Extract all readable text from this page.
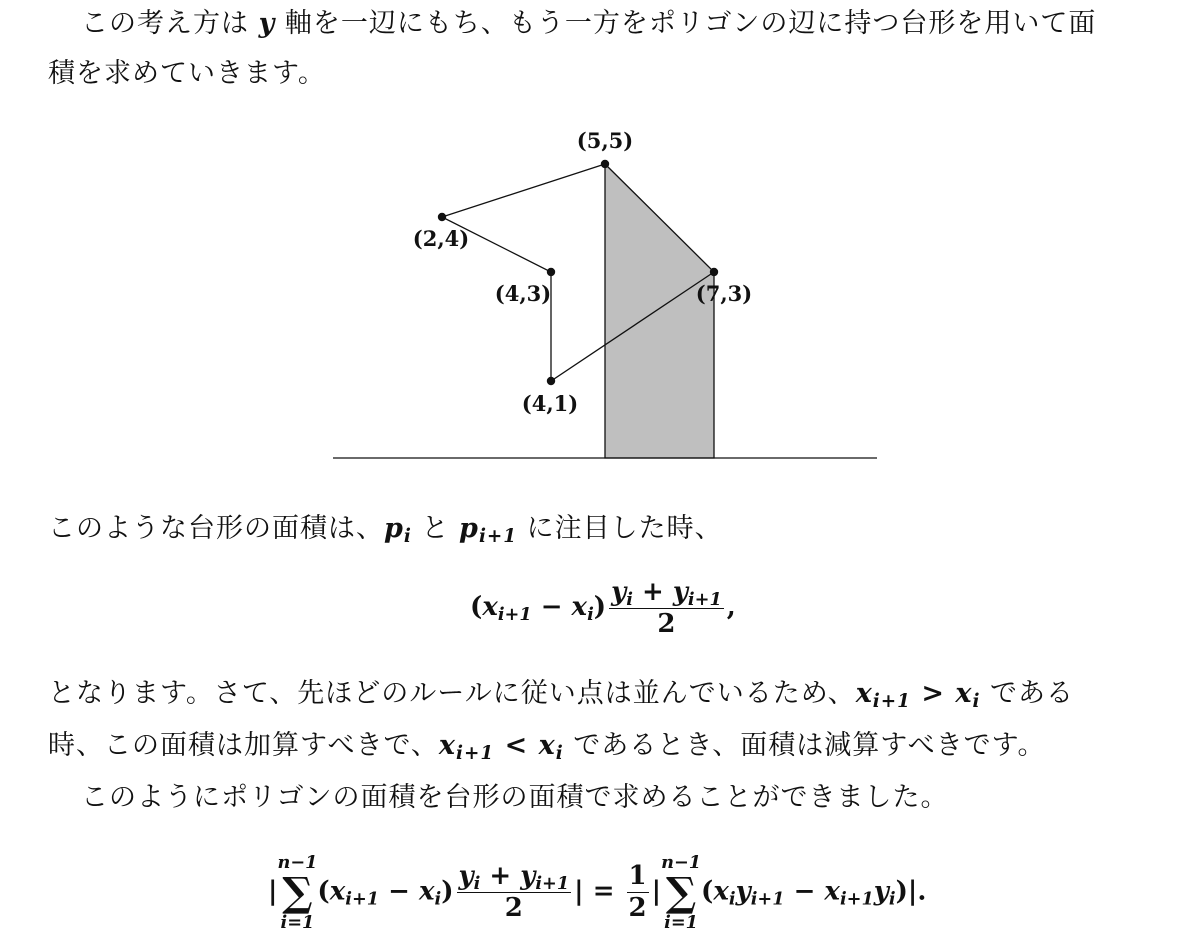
この考え方は y 軸を一辺にもち、もう一方をポリゴンの辺に持つ台形を用いて面
積を求めていきます。
(5,5)
(2,4)
(4,3)
(4,1)
(7,3)
このような台形の面積は、$p_i$ と $p_{i+1}$ に注目した時、
$(x_{i+1} - x_i) \frac{y_i + y_{i+1}}{2}$ ,
となります。さて、先ほどのルールに従い点は並んでいるため、$x_{i+1} > x_i$ である
時、この面積は加算すべきで、$x_{i+1} < x_i$ であるとき、面積は減算すべきです。
このようにポリゴンの面積を台形の面積で求めることができました。
|
n−1
∑
i=1
$(x_{i+1} - x_i) \frac{y_i + y_{i+1}}{2}$ | = $\frac{1}{2}$ |
n−1
∑
i=1
$(x_iy_{i+1} - x_{i+1}y_i)|$.
